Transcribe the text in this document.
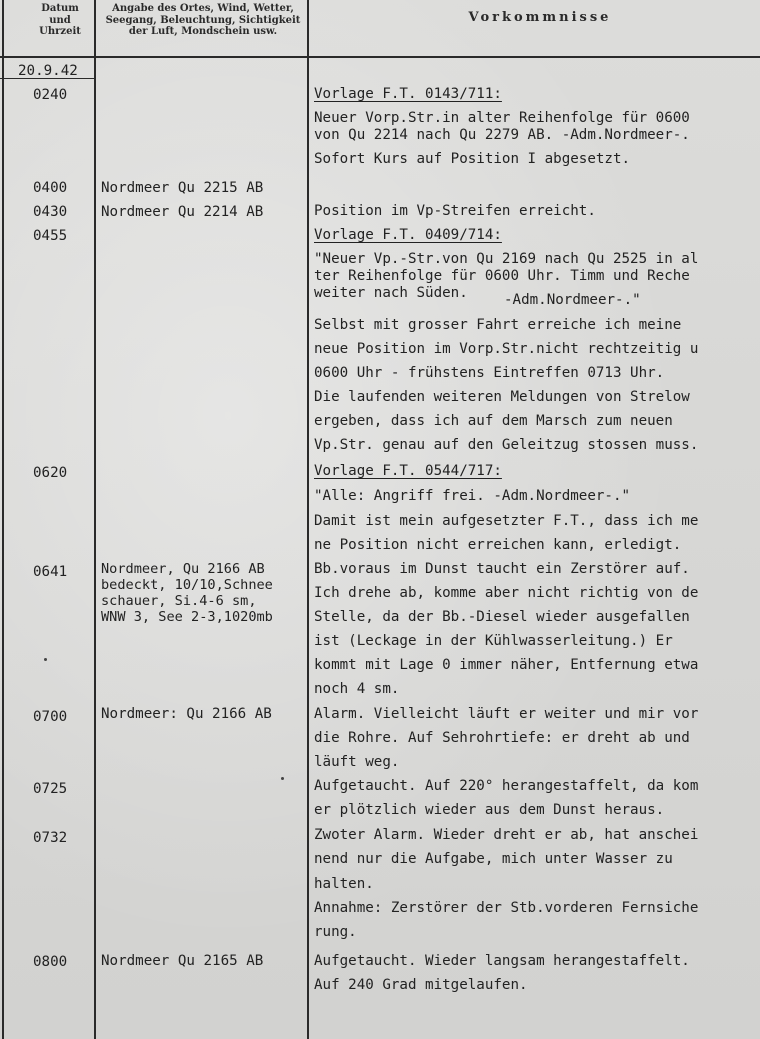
Datum
und
Uhrzeit
Angabe des Ortes, Wind, Wetter,
Seegang, Beleuchtung, Sichtigkeit
der Luft, Mondschein usw.
Vorkommnisse
20.9.42
0240
0400
0430
0455
0620
0641
0700
0725
0732
0800
Nordmeer Qu 2215 AB
Nordmeer Qu 2214 AB
Nordmeer, Qu 2166 AB
bedeckt, 10/10,Schnee
schauer, Si.4-6 sm,
WNW 3, See 2-3,1020mb
Nordmeer: Qu 2166 AB
Nordmeer Qu 2165 AB
Vorlage F.T. 0143/711:
Neuer Vorp.Str.in alter Reihenfolge für 0600
von Qu 2214 nach Qu 2279 AB. -Adm.Nordmeer-.
Sofort Kurs auf Position I abgesetzt.
Position im Vp-Streifen erreicht.
Vorlage F.T. 0409/714:
"Neuer Vp.-Str.von Qu 2169 nach Qu 2525 in al
ter Reihenfolge für 0600 Uhr. Timm und Reche
weiter nach Süden.	-Adm.Nordmeer-."
Selbst mit grosser Fahrt erreiche ich meine
neue Position im Vorp.Str.nicht rechtzeitig u
0600 Uhr - frühstens Eintreffen 0713 Uhr.
Die laufenden weiteren Meldungen von Strelow
ergeben, dass ich auf dem Marsch zum neuen
Vp.Str. genau auf den Geleitzug stossen muss.
Vorlage F.T. 0544/717:
"Alle: Angriff frei. -Adm.Nordmeer-."
Damit ist mein aufgesetzter F.T., dass ich me
ne Position nicht erreichen kann, erledigt.
Bb.voraus im Dunst taucht ein Zerstörer auf.
Ich drehe ab, komme aber nicht richtig von de
Stelle, da der Bb.-Diesel wieder ausgefallen
ist (Leckage in der Kühlwasserleitung.) Er
kommt mit Lage 0 immer näher, Entfernung etwa
noch 4 sm.
Alarm. Vielleicht läuft er weiter und mir vor
die Rohre. Auf Sehrohrtiefe: er dreht ab und
läuft weg.
Aufgetaucht. Auf 220° herangestaffelt, da kom
er plötzlich wieder aus dem Dunst heraus.
Zwoter Alarm. Wieder dreht er ab, hat anschei
nend nur die Aufgabe, mich unter Wasser zu
halten.
Annahme: Zerstörer der Stb.vorderen Fernsiche
rung.
Aufgetaucht. Wieder langsam herangestaffelt.
Auf 240 Grad mitgelaufen.
